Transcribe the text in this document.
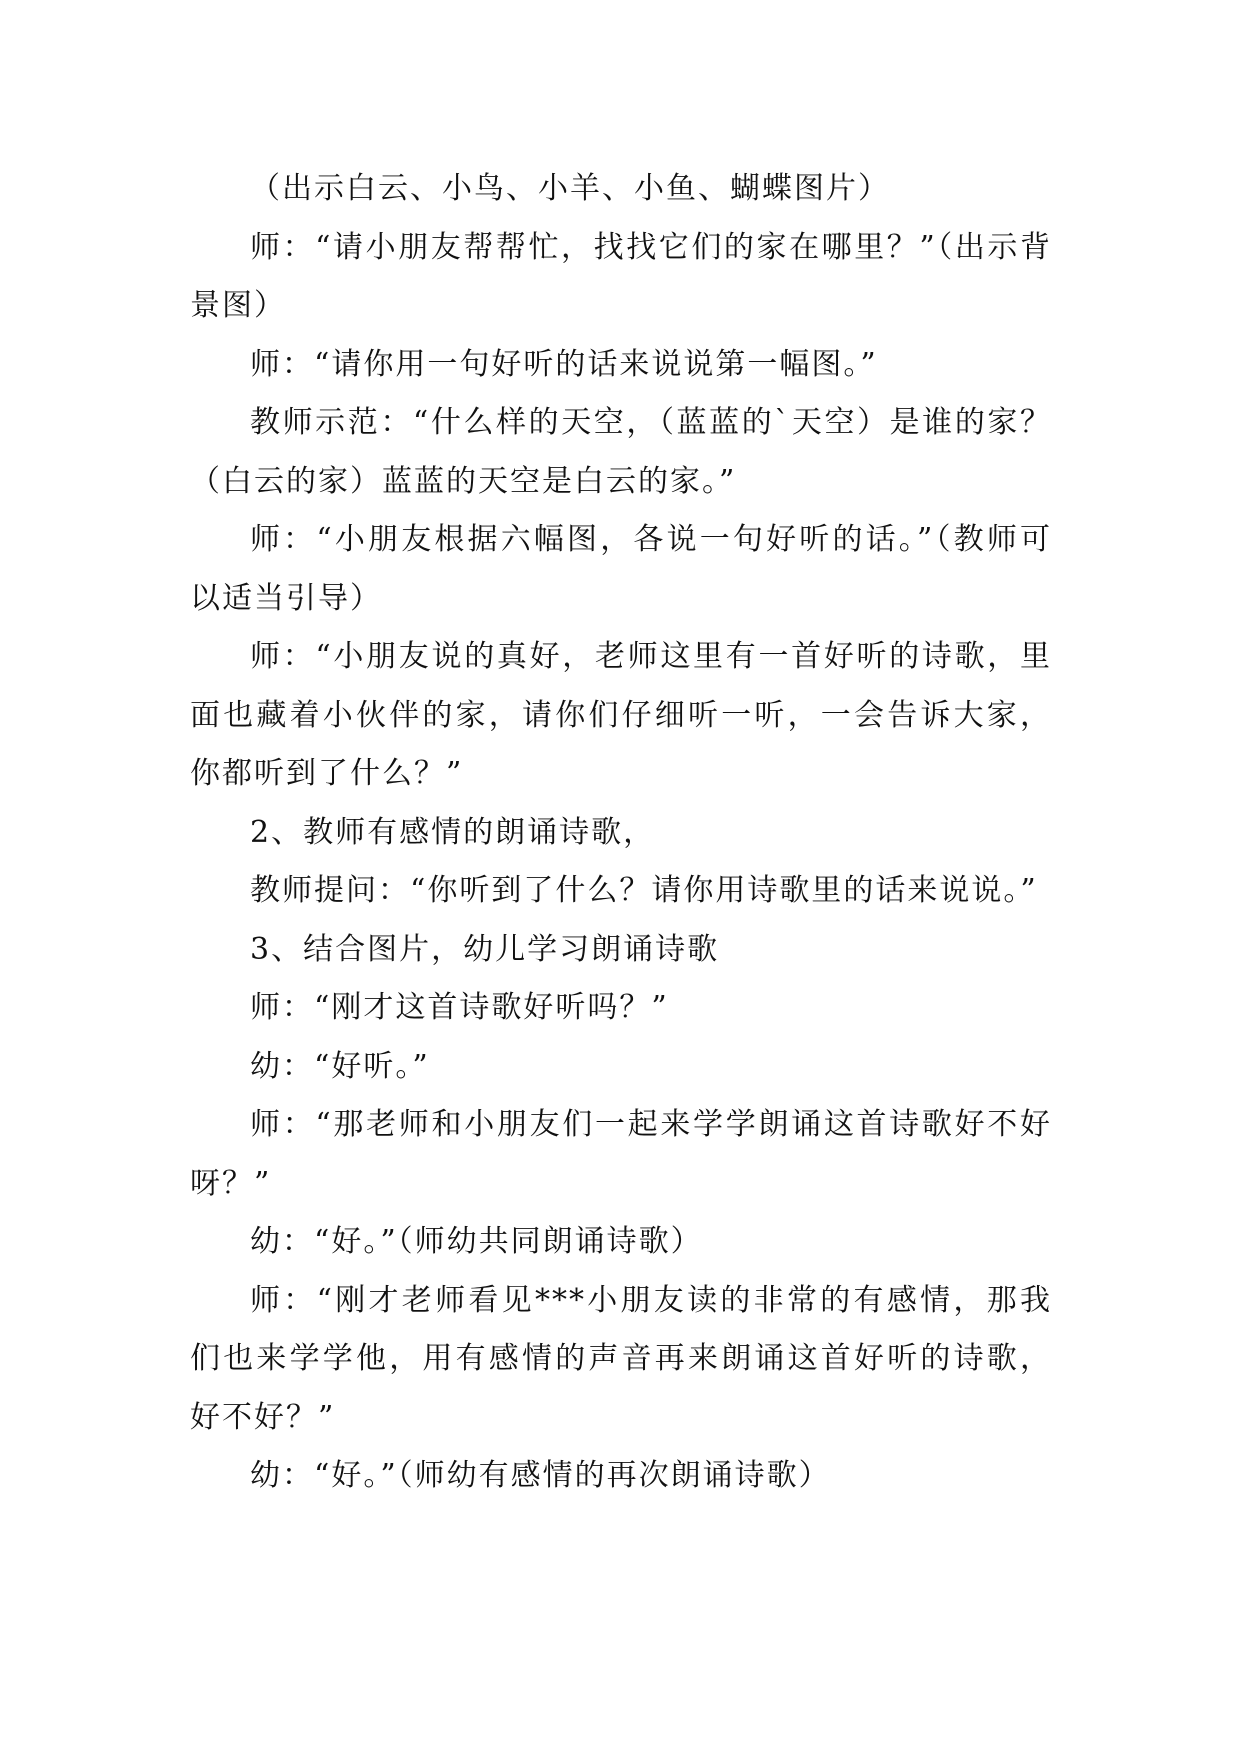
（出示白云、小鸟、小羊、小鱼、蝴蝶图片）

师：“请小朋友帮帮忙，找找它们的家在哪里？”（出示背景图）

师：“请你用一句好听的话来说说第一幅图。”

教师示范：“什么样的天空，（蓝蓝的`天空）是谁的家？（白云的家）蓝蓝的天空是白云的家。”

师：“小朋友根据六幅图，各说一句好听的话。”（教师可以适当引导）

师：“小朋友说的真好，老师这里有一首好听的诗歌，里面也藏着小伙伴的家，请你们仔细听一听，一会告诉大家，你都听到了什么？”

2、教师有感情的朗诵诗歌，

教师提问：“你听到了什么？请你用诗歌里的话来说说。”

3、结合图片，幼儿学习朗诵诗歌

师：“刚才这首诗歌好听吗？”

幼：“好听。”

师：“那老师和小朋友们一起来学学朗诵这首诗歌好不好呀？”

幼：“好。”（师幼共同朗诵诗歌）

师：“刚才老师看见***小朋友读的非常的有感情，那我们也来学学他，用有感情的声音再来朗诵这首好听的诗歌，好不好？”

幼：“好。”（师幼有感情的再次朗诵诗歌）
